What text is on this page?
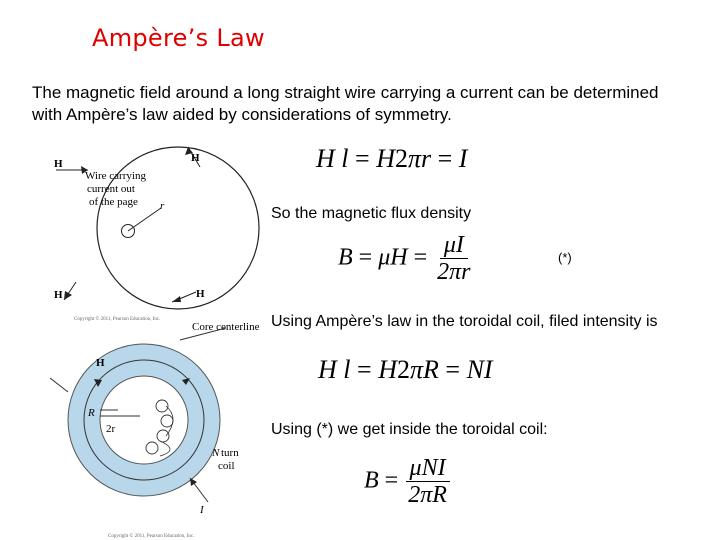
Ampère’s Law
The magnetic field around a long straight wire carrying a current can be determined with Ampère’s law aided by considerations of symmetry.
H	H
H	H
Wire carrying
current out
of the page r
Copyright © 2011, Pearson Education, Inc.
Core centerline
H
R
2r
N turn
coil
I
Copyright © 2011, Pearson Education, Inc.
H l = H2πr = I
So the magnetic flux density
$B = \mu H = \frac{\mu I}{2\pi r}$	(*)
Using Ampère’s law in the toroidal coil, filed intensity is
H l = H2πR = NI
Using (*) we get inside the toroidal coil:
$B = \frac{\text{μNI}}{2\pi R}$
